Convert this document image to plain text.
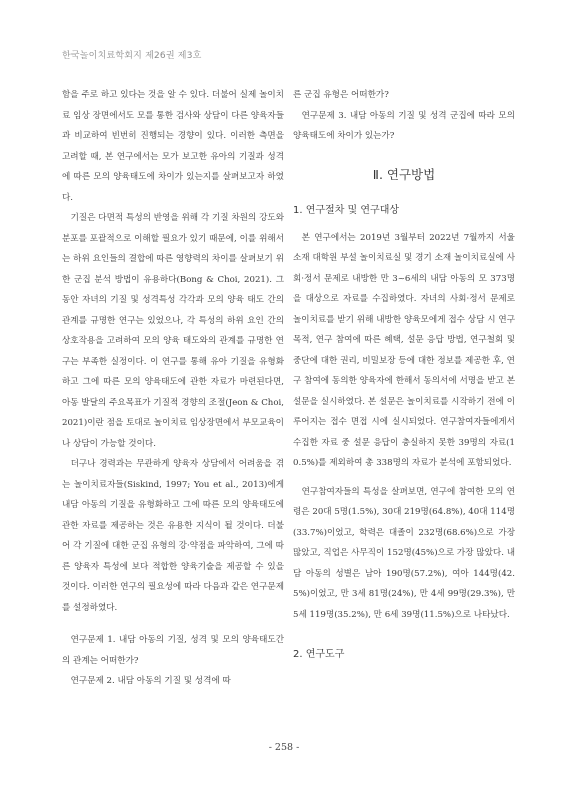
한국놀이치료학회지 제26권 제3호

함을 주로 하고 있다는 것을 알 수 있다. 더불어 실제 놀이치료 임상 장면에서도 모를 통한 검사와 상담이 다른 양육자들과 비교하여 빈번히 진행되는 경향이 있다. 이러한 측면을 고려할 때, 본 연구에서는 모가 보고한 유아의 기질과 성격에 따른 모의 양육태도에 차이가 있는지를 살펴보고자 하였다.

기질은 다면적 특성의 반영을 위해 각 기질 차원의 강도와 분포를 포괄적으로 이해할 필요가 있기 때문에, 이를 위해서는 하위 요인들의 결합에 따른 영향력의 차이를 살펴보기 위한 군집 분석 방법이 유용하다(Bong & Choi, 2021). 그 동안 자녀의 기질 및 성격특성 각각과 모의 양육 태도 간의 관계를 규명한 연구는 있었으나, 각 특성의 하위 요인 간의 상호작용을 고려하여 모의 양육 태도와의 관계를 규명한 연구는 부족한 실정이다. 이 연구를 통해 유아 기질을 유형화하고 그에 따른 모의 양육태도에 관한 자료가 마련된다면, 아동 발달의 주요목표가 기질적 경향의 조절(Jeon & Choi, 2021)이란 점을 토대로 놀이치료 임상장면에서 부모교육이나 상담이 가능할 것이다.

더구나 경력과는 무관하게 양육자 상담에서 어려움을 겪는 놀이치료자들(Siskind, 1997; You et al., 2013)에게 내담 아동의 기질을 유형화하고 그에 따른 모의 양육태도에 관한 자료를 제공하는 것은 유용한 지식이 될 것이다. 더불어 각 기질에 대한 군집 유형의 강·약점을 파악하여, 그에 따른 양육자 특성에 보다 적합한 양육기술을 제공할 수 있을 것이다. 이러한 연구의 필요성에 따라 다음과 같은 연구문제를 설정하였다.

연구문제 1. 내담 아동의 기질, 성격 및 모의 양육태도간의 관계는 어떠한가?

연구문제 2. 내담 아동의 기질 및 성격에 따

른 군집 유형은 어떠한가?

연구문제 3. 내담 아동의 기질 및 성격 군집에 따라 모의 양육태도에 차이가 있는가?

Ⅱ. 연구방법
1. 연구절차 및 연구대상

본 연구에서는 2019년 3월부터 2022년 7월까지 서울 소재 대학원 부설 놀이치료실 및 경기 소재 놀이치료실에 사회·정서 문제로 내방한 만 3~6세의 내담 아동의 모 373명을 대상으로 자료를 수집하였다. 자녀의 사회·정서 문제로 놀이치료를 받기 위해 내방한 양육모에게 접수 상담 시 연구 목적, 연구 참여에 따른 혜택, 설문 응답 방법, 연구철회 및 중단에 대한 권리, 비밀보장 등에 대한 정보를 제공한 후, 연구 참여에 동의한 양육자에 한해서 동의서에 서명을 받고 본 설문을 실시하였다. 본 설문은 놀이치료를 시작하기 전에 이루어지는 접수 면접 시에 실시되었다. 연구참여자들에게서 수집한 자료 중 설문 응답이 충실하지 못한 39명의 자료(10.5%)를 제외하여 총 338명의 자료가 분석에 포함되었다.

연구참여자들의 특성을 살펴보면, 연구에 참여한 모의 연령은 20대 5명(1.5%), 30대 219명(64.8%), 40대 114명(33.7%)이었고, 학력은 대졸이 232명(68.6%)으로 가장 많았고, 직업은 사무직이 152명(45%)으로 가장 많았다. 내담 아동의 성별은 남아 190명(57.2%), 여아 144명(42.5%)이었고, 만 3세 81명(24%), 만 4세 99명(29.3%), 만 5세 119명(35.2%), 만 6세 39명(11.5%)으로 나타났다.

2. 연구도구
- 258 -
